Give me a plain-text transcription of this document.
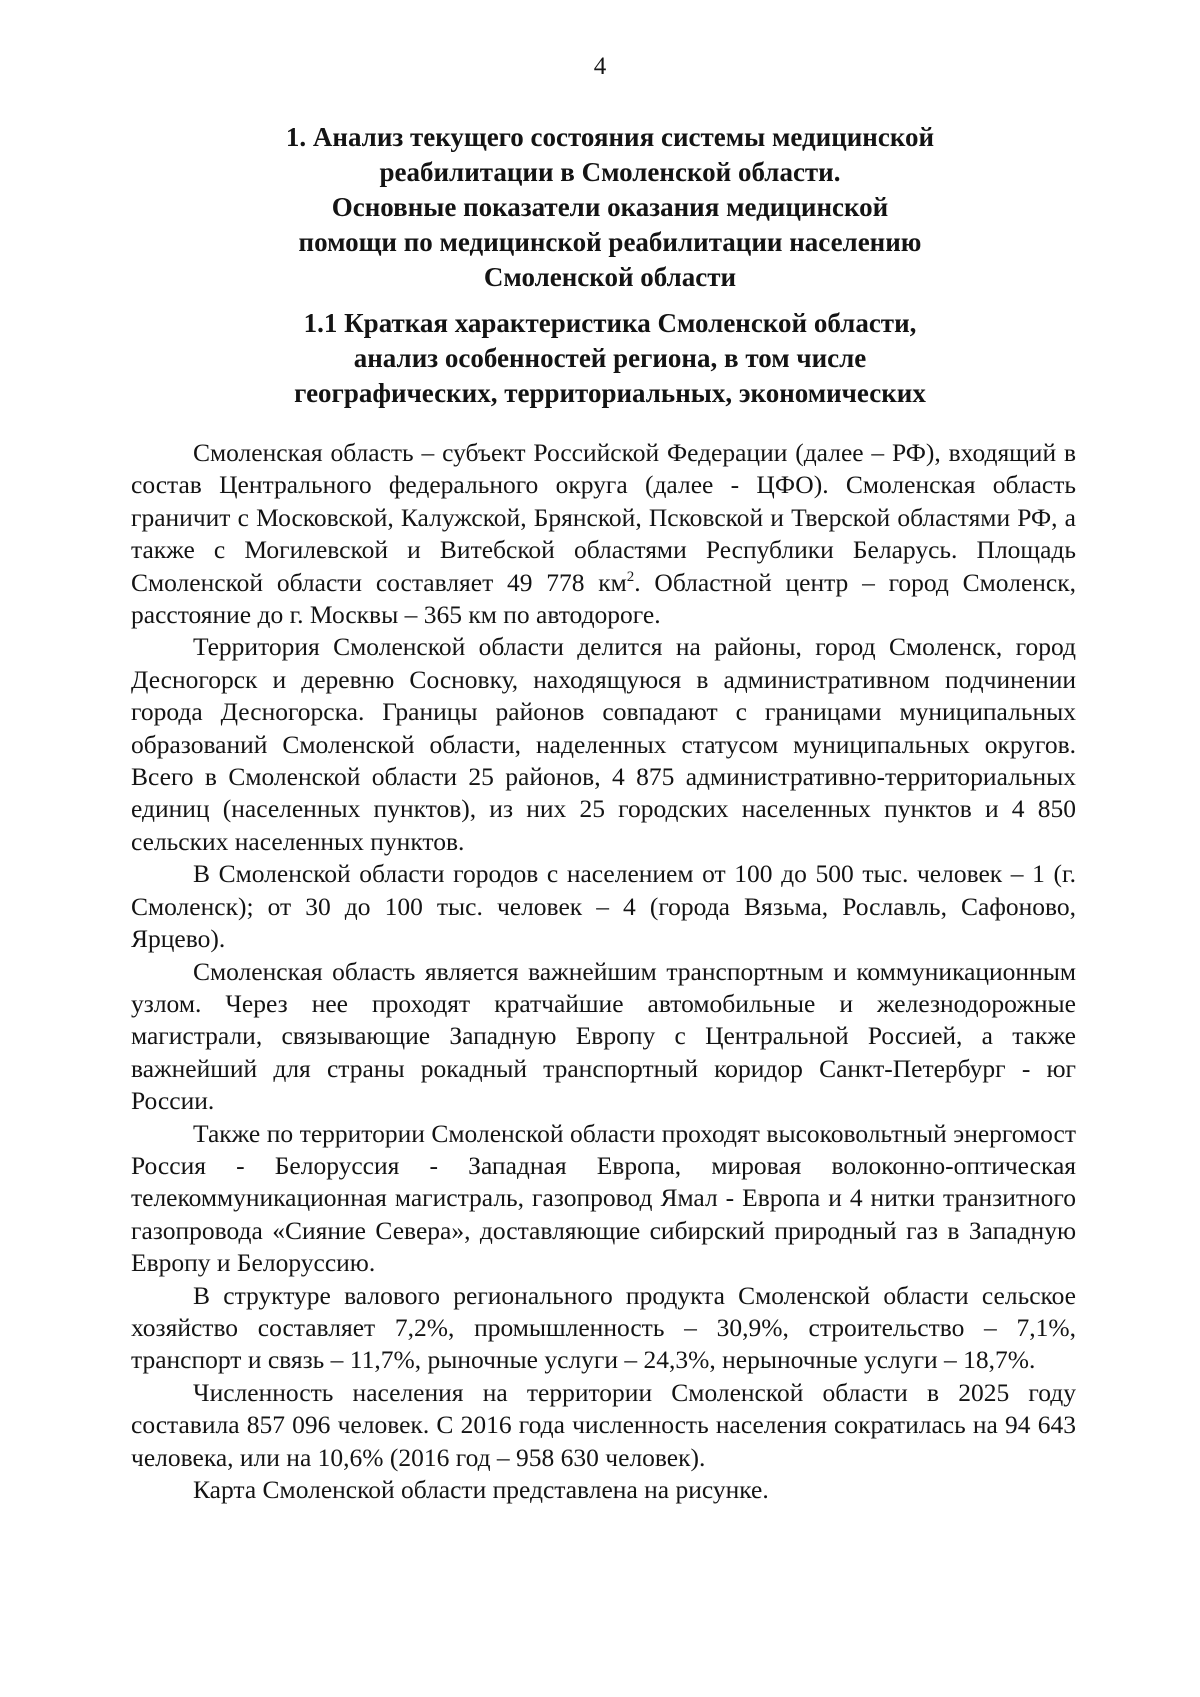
4
1. Анализ текущего состояния системы медицинской
реабилитации в Смоленской области.
Основные показатели оказания медицинской
помощи по медицинской реабилитации населению
Смоленской области
1.1 Краткая характеристика Смоленской области,
анализ особенностей региона, в том числе
географических, территориальных, экономических

Смоленская область – субъект Российской Федерации (далее – РФ), входящий в состав Центрального федерального округа (далее - ЦФО). Смоленская область граничит с Московской, Калужской, Брянской, Псковской и Тверской областями РФ, а также с Могилевской и Витебской областями Республики Беларусь. Площадь Смоленской области составляет 49 778 $км^2$. Областной центр – город Смоленск, расстояние до г. Москвы – 365 км по автодороге.

Территория Смоленской области делится на районы, город Смоленск, город Десногорск и деревню Сосновку, находящуюся в административном подчинении города Десногорска. Границы районов совпадают с границами муниципальных образований Смоленской области, наделенных статусом муниципальных округов. Всего в Смоленской области 25 районов, 4 875 административно-территориальных единиц (населенных пунктов), из них 25 городских населенных пунктов и 4 850 сельских населенных пунктов.

В Смоленской области городов с населением от 100 до 500 тыс. человек – 1 (г. Смоленск); от 30 до 100 тыс. человек – 4 (города Вязьма, Рославль, Сафоново, Ярцево).

Смоленская область является важнейшим транспортным и коммуникационным узлом. Через нее проходят кратчайшие автомобильные и железнодорожные магистрали, связывающие Западную Европу с Центральной Россией, а также важнейший для страны рокадный транспортный коридор Санкт-Петербург - юг России.

Также по территории Смоленской области проходят высоковольтный энергомост Россия - Белоруссия - Западная Европа, мировая волоконно-оптическая телекоммуникационная магистраль, газопровод Ямал - Европа и 4 нитки транзитного газопровода «Сияние Севера», доставляющие сибирский природный газ в Западную Европу и Белоруссию.

В структуре валового регионального продукта Смоленской области сельское хозяйство составляет 7,2%, промышленность – 30,9%, строительство – 7,1%, транспорт и связь – 11,7%, рыночные услуги – 24,3%, нерыночные услуги – 18,7%.

Численность населения на территории Смоленской области в 2025 году составила 857 096 человек. С 2016 года численность населения сократилась на 94 643 человека, или на 10,6% (2016 год – 958 630 человек).

Карта Смоленской области представлена на рисунке.
